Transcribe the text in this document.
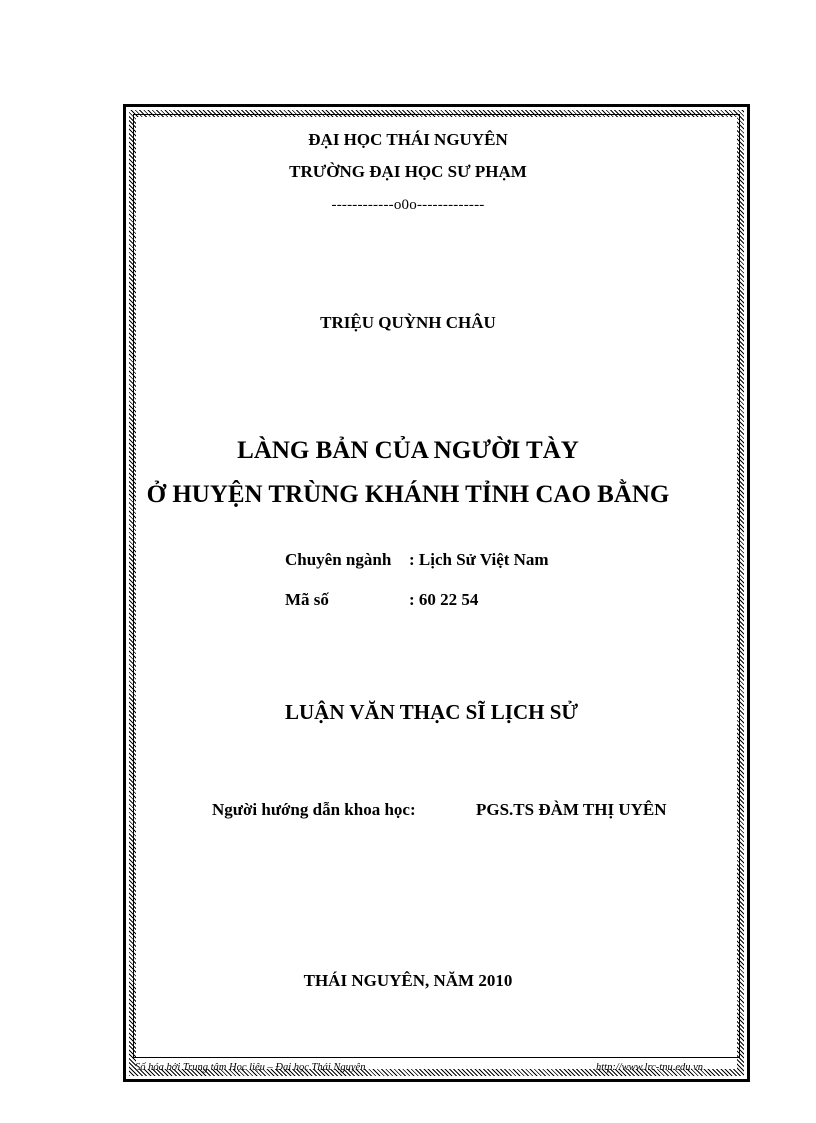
ĐẠI HỌC THÁI NGUYÊN
TRƯỜNG ĐẠI HỌC SƯ PHẠM
------------o0o-------------
TRIỆU QUỲNH CHÂU
LÀNG BẢN CỦA NGƯỜI TÀY
Ở HUYỆN TRÙNG KHÁNH TỈNH CAO BẰNG
Chuyên ngành : Lịch Sử Việt Nam
Mã số	: 60 22 54
LUẬN VĂN THẠC SĨ LỊCH SỬ
Người hướng dẫn khoa học:	PGS.TS ĐÀM THỊ UYÊN
THÁI NGUYÊN, NĂM 2010
Số hóa bởi Trung tâm Học liệu – Đại học Thái Nguyên	http://www.lrc-tnu.edu.vn
